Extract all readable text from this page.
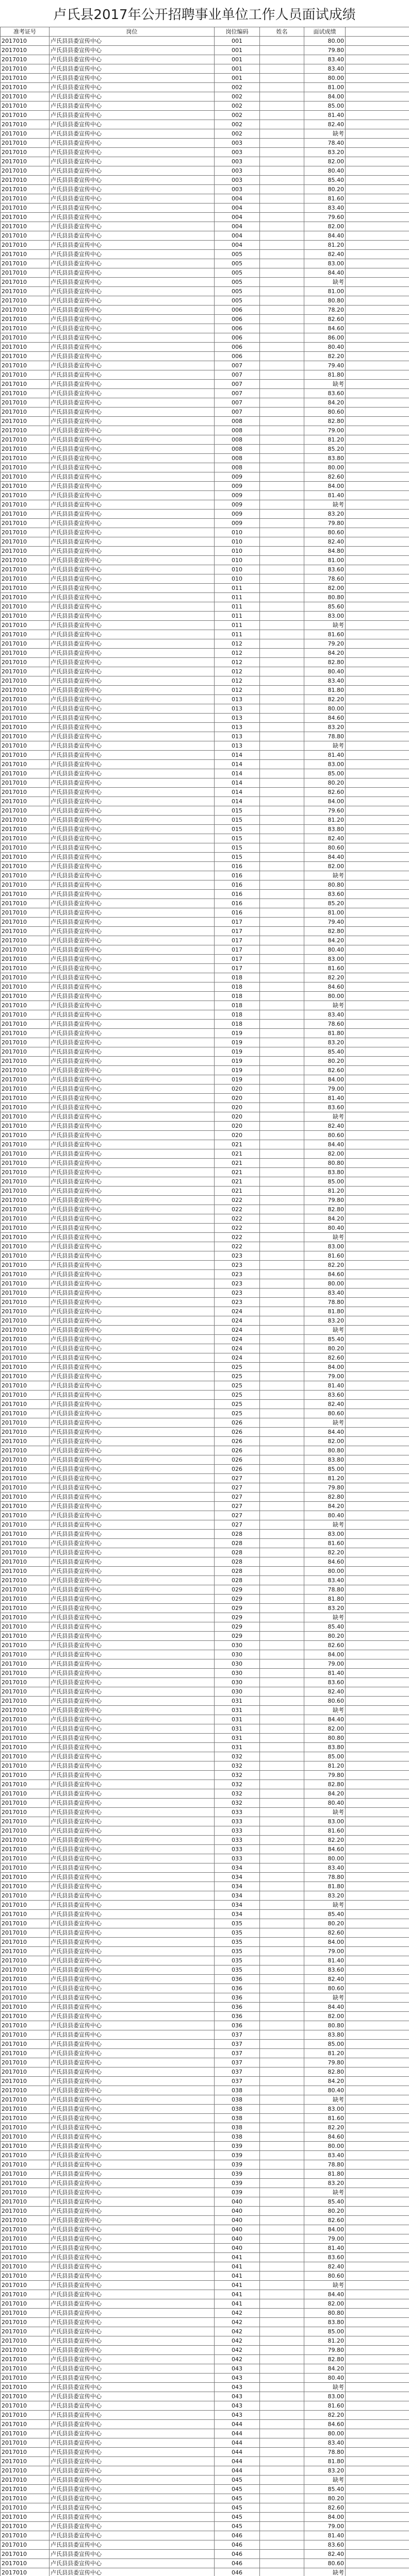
卢氏县2017年公开招聘事业单位工作人员面试成绩
准考证号	岗位	岗位编码	姓名	面试成绩	
2017010	卢氏县县委宣传中心	001		80.00	
2017010	卢氏县县委宣传中心	001		79.80	
2017010	卢氏县县委宣传中心	001		83.40	
2017010	卢氏县县委宣传中心	001		83.40	
2017010	卢氏县县委宣传中心	001		80.00	
2017010	卢氏县县委宣传中心	002		81.00	
2017010	卢氏县县委宣传中心	002		84.00	
2017010	卢氏县县委宣传中心	002		85.00	
2017010	卢氏县县委宣传中心	002		81.40	
2017010	卢氏县县委宣传中心	002		82.40	
2017010	卢氏县县委宣传中心	002		缺考	
2017010	卢氏县县委宣传中心	003		78.40	
2017010	卢氏县县委宣传中心	003		83.20	
2017010	卢氏县县委宣传中心	003		82.00	
2017010	卢氏县县委宣传中心	003		80.40	
2017010	卢氏县县委宣传中心	003		85.40	
2017010	卢氏县县委宣传中心	003		80.20	
2017010	卢氏县县委宣传中心	004		81.60	
2017010	卢氏县县委宣传中心	004		83.40	
2017010	卢氏县县委宣传中心	004		79.60	
2017010	卢氏县县委宣传中心	004		82.00	
2017010	卢氏县县委宣传中心	004		84.40	
2017010	卢氏县县委宣传中心	004		81.20	
2017010	卢氏县县委宣传中心	005		82.40	
2017010	卢氏县县委宣传中心	005		83.00	
2017010	卢氏县县委宣传中心	005		84.40	
2017010	卢氏县县委宣传中心	005		缺考	
2017010	卢氏县县委宣传中心	005		81.00	
2017010	卢氏县县委宣传中心	005		80.80	
2017010	卢氏县县委宣传中心	006		78.20	
2017010	卢氏县县委宣传中心	006		82.60	
2017010	卢氏县县委宣传中心	006		84.60	
2017010	卢氏县县委宣传中心	006		86.00	
2017010	卢氏县县委宣传中心	006		80.40	
2017010	卢氏县县委宣传中心	006		82.20	
2017010	卢氏县县委宣传中心	007		79.40	
2017010	卢氏县县委宣传中心	007		81.80	
2017010	卢氏县县委宣传中心	007		缺考	
2017010	卢氏县县委宣传中心	007		83.60	
2017010	卢氏县县委宣传中心	007		84.20	
2017010	卢氏县县委宣传中心	007		80.60	
2017010	卢氏县县委宣传中心	008		82.80	
2017010	卢氏县县委宣传中心	008		79.00	
2017010	卢氏县县委宣传中心	008		81.20	
2017010	卢氏县县委宣传中心	008		85.20	
2017010	卢氏县县委宣传中心	008		83.80	
2017010	卢氏县县委宣传中心	008		80.00	
2017010	卢氏县县委宣传中心	009		82.60	
2017010	卢氏县县委宣传中心	009		84.00	
2017010	卢氏县县委宣传中心	009		81.40	
2017010	卢氏县县委宣传中心	009		缺考	
2017010	卢氏县县委宣传中心	009		83.20	
2017010	卢氏县县委宣传中心	009		79.80	
2017010	卢氏县县委宣传中心	010		80.60	
2017010	卢氏县县委宣传中心	010		82.40	
2017010	卢氏县县委宣传中心	010		84.80	
2017010	卢氏县县委宣传中心	010		81.00	
2017010	卢氏县县委宣传中心	010		83.60	
2017010	卢氏县县委宣传中心	010		78.60	
2017010	卢氏县县委宣传中心	011		82.00	
2017010	卢氏县县委宣传中心	011		80.80	
2017010	卢氏县县委宣传中心	011		85.60	
2017010	卢氏县县委宣传中心	011		83.00	
2017010	卢氏县县委宣传中心	011		缺考	
2017010	卢氏县县委宣传中心	011		81.60	
2017010	卢氏县县委宣传中心	012		79.20	
2017010	卢氏县县委宣传中心	012		84.20	
2017010	卢氏县县委宣传中心	012		82.80	
2017010	卢氏县县委宣传中心	012		80.40	
2017010	卢氏县县委宣传中心	012		83.40	
2017010	卢氏县县委宣传中心	012		81.80	
2017010	卢氏县县委宣传中心	013		82.20	
2017010	卢氏县县委宣传中心	013		80.00	
2017010	卢氏县县委宣传中心	013		84.60	
2017010	卢氏县县委宣传中心	013		83.20	
2017010	卢氏县县委宣传中心	013		78.80	
2017010	卢氏县县委宣传中心	013		缺考	
2017010	卢氏县县委宣传中心	014		81.40	
2017010	卢氏县县委宣传中心	014		83.00	
2017010	卢氏县县委宣传中心	014		85.00	
2017010	卢氏县县委宣传中心	014		80.20	
2017010	卢氏县县委宣传中心	014		82.60	
2017010	卢氏县县委宣传中心	014		84.00	
2017010	卢氏县县委宣传中心	015		79.60	
2017010	卢氏县县委宣传中心	015		81.20	
2017010	卢氏县县委宣传中心	015		83.80	
2017010	卢氏县县委宣传中心	015		82.40	
2017010	卢氏县县委宣传中心	015		80.60	
2017010	卢氏县县委宣传中心	015		84.40	
2017010	卢氏县县委宣传中心	016		82.00	
2017010	卢氏县县委宣传中心	016		缺考	
2017010	卢氏县县委宣传中心	016		80.80	
2017010	卢氏县县委宣传中心	016		83.60	
2017010	卢氏县县委宣传中心	016		85.20	
2017010	卢氏县县委宣传中心	016		81.00	
2017010	卢氏县县委宣传中心	017		79.40	
2017010	卢氏县县委宣传中心	017		82.80	
2017010	卢氏县县委宣传中心	017		84.20	
2017010	卢氏县县委宣传中心	017		80.40	
2017010	卢氏县县委宣传中心	017		83.00	
2017010	卢氏县县委宣传中心	017		81.60	
2017010	卢氏县县委宣传中心	018		82.20	
2017010	卢氏县县委宣传中心	018		84.60	
2017010	卢氏县县委宣传中心	018		80.00	
2017010	卢氏县县委宣传中心	018		缺考	
2017010	卢氏县县委宣传中心	018		83.40	
2017010	卢氏县县委宣传中心	018		78.60	
2017010	卢氏县县委宣传中心	019		81.80	
2017010	卢氏县县委宣传中心	019		83.20	
2017010	卢氏县县委宣传中心	019		85.40	
2017010	卢氏县县委宣传中心	019		80.20	
2017010	卢氏县县委宣传中心	019		82.60	
2017010	卢氏县县委宣传中心	019		84.00	
2017010	卢氏县县委宣传中心	020		79.00	
2017010	卢氏县县委宣传中心	020		81.40	
2017010	卢氏县县委宣传中心	020		83.60	
2017010	卢氏县县委宣传中心	020		缺考	
2017010	卢氏县县委宣传中心	020		82.40	
2017010	卢氏县县委宣传中心	020		80.60	
2017010	卢氏县县委宣传中心	021		84.40	
2017010	卢氏县县委宣传中心	021		82.00	
2017010	卢氏县县委宣传中心	021		80.80	
2017010	卢氏县县委宣传中心	021		83.80	
2017010	卢氏县县委宣传中心	021		85.00	
2017010	卢氏县县委宣传中心	021		81.20	
2017010	卢氏县县委宣传中心	022		79.80	
2017010	卢氏县县委宣传中心	022		82.80	
2017010	卢氏县县委宣传中心	022		84.20	
2017010	卢氏县县委宣传中心	022		80.40	
2017010	卢氏县县委宣传中心	022		缺考	
2017010	卢氏县县委宣传中心	022		83.00	
2017010	卢氏县县委宣传中心	023		81.60	
2017010	卢氏县县委宣传中心	023		82.20	
2017010	卢氏县县委宣传中心	023		84.60	
2017010	卢氏县县委宣传中心	023		80.00	
2017010	卢氏县县委宣传中心	023		83.40	
2017010	卢氏县县委宣传中心	023		78.80	
2017010	卢氏县县委宣传中心	024		81.80	
2017010	卢氏县县委宣传中心	024		83.20	
2017010	卢氏县县委宣传中心	024		缺考	
2017010	卢氏县县委宣传中心	024		85.40	
2017010	卢氏县县委宣传中心	024		80.20	
2017010	卢氏县县委宣传中心	024		82.60	
2017010	卢氏县县委宣传中心	025		84.00	
2017010	卢氏县县委宣传中心	025		79.00	
2017010	卢氏县县委宣传中心	025		81.40	
2017010	卢氏县县委宣传中心	025		83.60	
2017010	卢氏县县委宣传中心	025		82.40	
2017010	卢氏县县委宣传中心	025		80.60	
2017010	卢氏县县委宣传中心	026		缺考	
2017010	卢氏县县委宣传中心	026		84.40	
2017010	卢氏县县委宣传中心	026		82.00	
2017010	卢氏县县委宣传中心	026		80.80	
2017010	卢氏县县委宣传中心	026		83.80	
2017010	卢氏县县委宣传中心	026		85.00	
2017010	卢氏县县委宣传中心	027		81.20	
2017010	卢氏县县委宣传中心	027		79.80	
2017010	卢氏县县委宣传中心	027		82.80	
2017010	卢氏县县委宣传中心	027		84.20	
2017010	卢氏县县委宣传中心	027		80.40	
2017010	卢氏县县委宣传中心	027		缺考	
2017010	卢氏县县委宣传中心	028		83.00	
2017010	卢氏县县委宣传中心	028		81.60	
2017010	卢氏县县委宣传中心	028		82.20	
2017010	卢氏县县委宣传中心	028		84.60	
2017010	卢氏县县委宣传中心	028		80.00	
2017010	卢氏县县委宣传中心	028		83.40	
2017010	卢氏县县委宣传中心	029		78.80	
2017010	卢氏县县委宣传中心	029		81.80	
2017010	卢氏县县委宣传中心	029		83.20	
2017010	卢氏县县委宣传中心	029		缺考	
2017010	卢氏县县委宣传中心	029		85.40	
2017010	卢氏县县委宣传中心	029		80.20	
2017010	卢氏县县委宣传中心	030		82.60	
2017010	卢氏县县委宣传中心	030		84.00	
2017010	卢氏县县委宣传中心	030		79.00	
2017010	卢氏县县委宣传中心	030		81.40	
2017010	卢氏县县委宣传中心	030		83.60	
2017010	卢氏县县委宣传中心	030		82.40	
2017010	卢氏县县委宣传中心	031		80.60	
2017010	卢氏县县委宣传中心	031		缺考	
2017010	卢氏县县委宣传中心	031		84.40	
2017010	卢氏县县委宣传中心	031		82.00	
2017010	卢氏县县委宣传中心	031		80.80	
2017010	卢氏县县委宣传中心	031		83.80	
2017010	卢氏县县委宣传中心	032		85.00	
2017010	卢氏县县委宣传中心	032		81.20	
2017010	卢氏县县委宣传中心	032		79.80	
2017010	卢氏县县委宣传中心	032		82.80	
2017010	卢氏县县委宣传中心	032		84.20	
2017010	卢氏县县委宣传中心	032		80.40	
2017010	卢氏县县委宣传中心	033		缺考	
2017010	卢氏县县委宣传中心	033		83.00	
2017010	卢氏县县委宣传中心	033		81.60	
2017010	卢氏县县委宣传中心	033		82.20	
2017010	卢氏县县委宣传中心	033		84.60	
2017010	卢氏县县委宣传中心	033		80.00	
2017010	卢氏县县委宣传中心	034		83.40	
2017010	卢氏县县委宣传中心	034		78.80	
2017010	卢氏县县委宣传中心	034		81.80	
2017010	卢氏县县委宣传中心	034		83.20	
2017010	卢氏县县委宣传中心	034		缺考	
2017010	卢氏县县委宣传中心	034		85.40	
2017010	卢氏县县委宣传中心	035		80.20	
2017010	卢氏县县委宣传中心	035		82.60	
2017010	卢氏县县委宣传中心	035		84.00	
2017010	卢氏县县委宣传中心	035		79.00	
2017010	卢氏县县委宣传中心	035		81.40	
2017010	卢氏县县委宣传中心	035		83.60	
2017010	卢氏县县委宣传中心	036		82.40	
2017010	卢氏县县委宣传中心	036		80.60	
2017010	卢氏县县委宣传中心	036		缺考	
2017010	卢氏县县委宣传中心	036		84.40	
2017010	卢氏县县委宣传中心	036		82.00	
2017010	卢氏县县委宣传中心	036		80.80	
2017010	卢氏县县委宣传中心	037		83.80	
2017010	卢氏县县委宣传中心	037		85.00	
2017010	卢氏县县委宣传中心	037		81.20	
2017010	卢氏县县委宣传中心	037		79.80	
2017010	卢氏县县委宣传中心	037		82.80	
2017010	卢氏县县委宣传中心	037		84.20	
2017010	卢氏县县委宣传中心	038		80.40	
2017010	卢氏县县委宣传中心	038		缺考	
2017010	卢氏县县委宣传中心	038		83.00	
2017010	卢氏县县委宣传中心	038		81.60	
2017010	卢氏县县委宣传中心	038		82.20	
2017010	卢氏县县委宣传中心	038		84.60	
2017010	卢氏县县委宣传中心	039		80.00	
2017010	卢氏县县委宣传中心	039		83.40	
2017010	卢氏县县委宣传中心	039		78.80	
2017010	卢氏县县委宣传中心	039		81.80	
2017010	卢氏县县委宣传中心	039		83.20	
2017010	卢氏县县委宣传中心	039		缺考	
2017010	卢氏县县委宣传中心	040		85.40	
2017010	卢氏县县委宣传中心	040		80.20	
2017010	卢氏县县委宣传中心	040		82.60	
2017010	卢氏县县委宣传中心	040		84.00	
2017010	卢氏县县委宣传中心	040		79.00	
2017010	卢氏县县委宣传中心	040		81.40	
2017010	卢氏县县委宣传中心	041		83.60	
2017010	卢氏县县委宣传中心	041		82.40	
2017010	卢氏县县委宣传中心	041		80.60	
2017010	卢氏县县委宣传中心	041		缺考	
2017010	卢氏县县委宣传中心	041		84.40	
2017010	卢氏县县委宣传中心	041		82.00	
2017010	卢氏县县委宣传中心	042		80.80	
2017010	卢氏县县委宣传中心	042		83.80	
2017010	卢氏县县委宣传中心	042		85.00	
2017010	卢氏县县委宣传中心	042		81.20	
2017010	卢氏县县委宣传中心	042		79.80	
2017010	卢氏县县委宣传中心	042		82.80	
2017010	卢氏县县委宣传中心	043		84.20	
2017010	卢氏县县委宣传中心	043		80.40	
2017010	卢氏县县委宣传中心	043		缺考	
2017010	卢氏县县委宣传中心	043		83.00	
2017010	卢氏县县委宣传中心	043		81.60	
2017010	卢氏县县委宣传中心	043		82.20	
2017010	卢氏县县委宣传中心	044		84.60	
2017010	卢氏县县委宣传中心	044		80.00	
2017010	卢氏县县委宣传中心	044		83.40	
2017010	卢氏县县委宣传中心	044		78.80	
2017010	卢氏县县委宣传中心	044		81.80	
2017010	卢氏县县委宣传中心	044		83.20	
2017010	卢氏县县委宣传中心	045		缺考	
2017010	卢氏县县委宣传中心	045		85.40	
2017010	卢氏县县委宣传中心	045		80.20	
2017010	卢氏县县委宣传中心	045		82.60	
2017010	卢氏县县委宣传中心	045		84.00	
2017010	卢氏县县委宣传中心	045		79.00	
2017010	卢氏县县委宣传中心	046		81.40	
2017010	卢氏县县委宣传中心	046		83.60	
2017010	卢氏县县委宣传中心	046		82.40	
2017010	卢氏县县委宣传中心	046		80.60	
2017010	卢氏县县委宣传中心	046		缺考	
